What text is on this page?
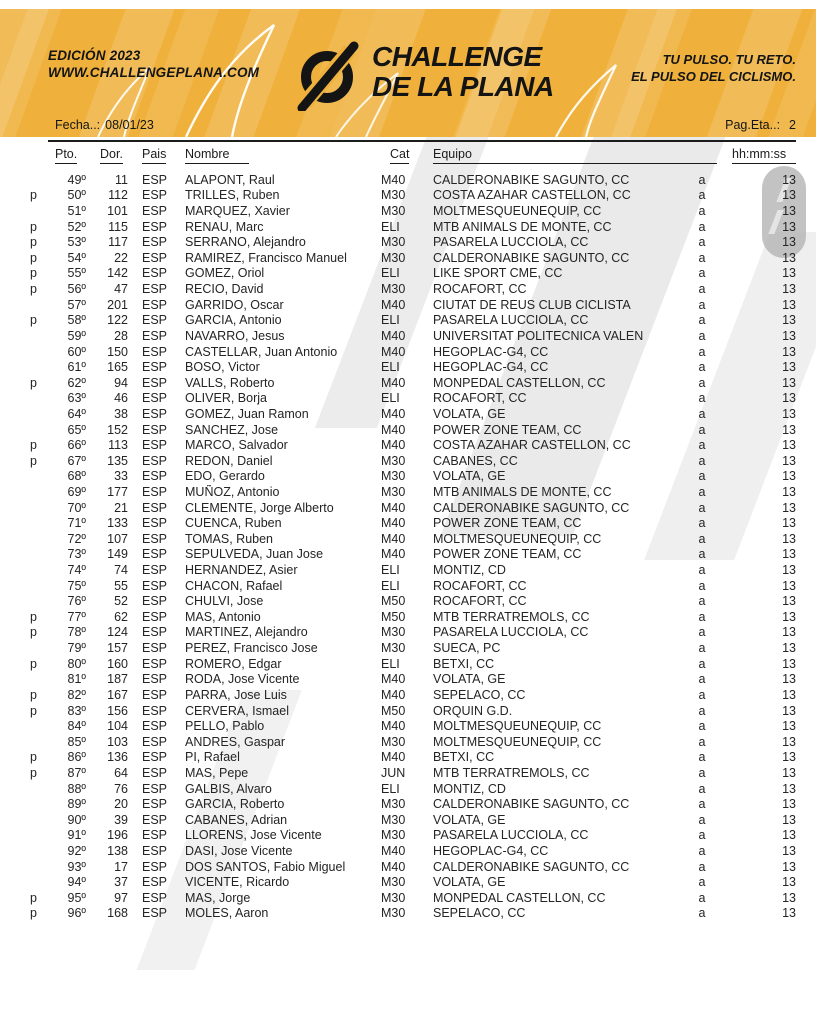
EDICIÓN 2023
WWW.CHALLENGEPLANA.COM
CHALLENGE
DE LA PLANA
TU PULSO. TU RETO.
EL PULSO DEL CICLISMO.
Fecha..: 08/01/23	Pag.Eta..: 2
Pto.	Dor.	Pais	Nombre	Cat	Equipo	hh:mm:ss
49º	11 ESP	ALAPONT, Raul	M40	CALDERONABIKE SAGUNTO, CC	a	13
p	50º	112 ESP	TRILLES, Ruben	M30	COSTA AZAHAR CASTELLON, CC	a	13
51º	101 ESP	MARQUEZ, Xavier	M30	MOLTMESQUEUNEQUIP, CC	a	13
p	52º	115 ESP	RENAU, Marc	ELI	MTB ANIMALS DE MONTE, CC	a	13
p	53º	117 ESP	SERRANO, Alejandro	M30	PASARELA LUCCIOLA, CC	a	13
p	54º	22 ESP	RAMIREZ, Francisco Manuel	M30	CALDERONABIKE SAGUNTO, CC	a	13
p	55º	142 ESP	GOMEZ, Oriol	ELI	LIKE SPORT CME, CC	a	13
p	56º	47 ESP	RECIO, David	M30	ROCAFORT, CC	a	13
57º	201 ESP	GARRIDO, Oscar	M40	CIUTAT DE REUS CLUB CICLISTA	a	13
p	58º	122 ESP	GARCIA, Antonio	ELI	PASARELA LUCCIOLA, CC	a	13
59º	28 ESP	NAVARRO, Jesus	M40	UNIVERSITAT POLITECNICA VALEN	a	13
60º	150 ESP	CASTELLAR, Juan Antonio	M40	HEGOPLAC-G4, CC	a	13
61º	165 ESP	BOSO, Victor	ELI	HEGOPLAC-G4, CC	a	13
p	62º	94 ESP	VALLS, Roberto	M40	MONPEDAL CASTELLON, CC	a	13
63º	46 ESP	OLIVER, Borja	ELI	ROCAFORT, CC	a	13
64º	38 ESP	GOMEZ, Juan Ramon	M40	VOLATA, GE	a	13
65º	152 ESP	SANCHEZ, Jose	M40	POWER ZONE TEAM, CC	a	13
p	66º	113 ESP	MARCO, Salvador	M40	COSTA AZAHAR CASTELLON, CC	a	13
p	67º	135 ESP	REDON, Daniel	M30	CABANES, CC	a	13
68º	33 ESP	EDO, Gerardo	M30	VOLATA, GE	a	13
69º	177 ESP	MUÑOZ, Antonio	M30	MTB ANIMALS DE MONTE, CC	a	13
70º	21 ESP	CLEMENTE, Jorge Alberto	M40	CALDERONABIKE SAGUNTO, CC	a	13
71º	133 ESP	CUENCA, Ruben	M40	POWER ZONE TEAM, CC	a	13
72º	107 ESP	TOMAS, Ruben	M40	MOLTMESQUEUNEQUIP, CC	a	13
73º	149 ESP	SEPULVEDA, Juan Jose	M40	POWER ZONE TEAM, CC	a	13
74º	74 ESP	HERNANDEZ, Asier	ELI	MONTIZ, CD	a	13
75º	55 ESP	CHACON, Rafael	ELI	ROCAFORT, CC	a	13
76º	52 ESP	CHULVI, Jose	M50	ROCAFORT, CC	a	13
p	77º	62 ESP	MAS, Antonio	M50	MTB TERRATREMOLS, CC	a	13
p	78º	124 ESP	MARTINEZ, Alejandro	M30	PASARELA LUCCIOLA, CC	a	13
79º	157 ESP	PEREZ, Francisco Jose	M30	SUECA, PC	a	13
p	80º	160 ESP	ROMERO, Edgar	ELI	BETXI, CC	a	13
81º	187 ESP	RODA, Jose Vicente	M40	VOLATA, GE	a	13
p	82º	167 ESP	PARRA, Jose Luis	M40	SEPELACO, CC	a	13
p	83º	156 ESP	CERVERA, Ismael	M50	ORQUIN G.D.	a	13
84º	104 ESP	PELLO, Pablo	M40	MOLTMESQUEUNEQUIP, CC	a	13
85º	103 ESP	ANDRES, Gaspar	M30	MOLTMESQUEUNEQUIP, CC	a	13
p	86º	136 ESP	PI, Rafael	M40	BETXI, CC	a	13
p	87º	64 ESP	MAS, Pepe	JUN	MTB TERRATREMOLS, CC	a	13
88º	76 ESP	GALBIS, Alvaro	ELI	MONTIZ, CD	a	13
89º	20 ESP	GARCIA, Roberto	M30	CALDERONABIKE SAGUNTO, CC	a	13
90º	39 ESP	CABANES, Adrian	M30	VOLATA, GE	a	13
91º	196 ESP	LLORENS, Jose Vicente	M30	PASARELA LUCCIOLA, CC	a	13
92º	138 ESP	DASI, Jose Vicente	M40	HEGOPLAC-G4, CC	a	13
93º	17 ESP	DOS SANTOS, Fabio Miguel	M40	CALDERONABIKE SAGUNTO, CC	a	13
94º	37 ESP	VICENTE, Ricardo	M30	VOLATA, GE	a	13
p	95º	97 ESP	MAS, Jorge	M30	MONPEDAL CASTELLON, CC	a	13
p	96º	168 ESP	MOLES, Aaron	M30	SEPELACO, CC	a	13
